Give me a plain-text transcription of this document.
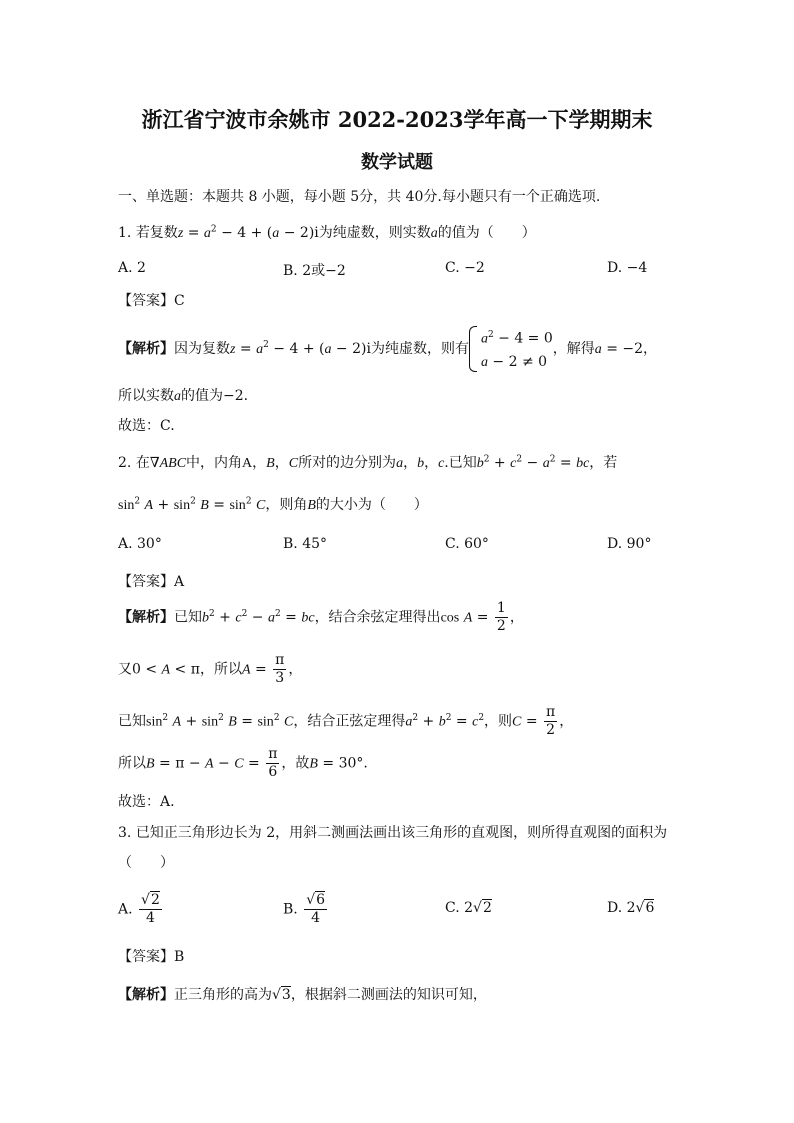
浙江省宁波市余姚市 2022-2023学年高一下学期期末
数学试题
一、单选题：本题共 8 小题，每小题 5分，共 40分.每小题只有一个正确选项.
1. 若复数$z = a^2 - 4 + (a - 2)i$为纯虚数，则实数a的值为（　　）
A. 2	B. 2或−2	C. −2	D. −4
【答案】C
【解析】因为复数$z = a^2 - 4 + (a - 2)i$为纯虚数，则有$a^2 - 4 = 0$
a − 2 ≠ 0，解得a = −2，
所以实数a的值为−2.
故选：C.
2. 在∇ABC中，内角A，B，C所对的边分别为a，b，c.已知$b^2 + c^2 - a^2$ = bc，若
$\sin^2 A + \sin^2 B = \sin^2 C$，则角B的大小为（　　）
A. 30°	B. 45°	C. 60°	D. 90°
【答案】A
【解析】已知$b^2 + c^2 - a^2$ = bc，结合余弦定理得出$\cos A = \frac{1}{2}$ ，
又0 < A < π，所以$A = \frac{\pi}{3}$ ，
已知$\sin^2 A + \sin^2 B = \sin^2 C$，结合正弦定理得$a^2 + b^2 = c^2$，则$C = \frac{\pi}{2}$ ，
所以$B = \pi - A - C = \frac{\pi}{6}$ ，故B = 30°.
故选：A.
3. 已知正三角形边长为 2，用斜二测画法画出该三角形的直观图，则所得直观图的面积为
（　　）
A. $\frac{√2}{4}$	B. $\frac{√6}{4}$	C. 2√2	D. 2√6
【答案】B
【解析】正三角形的高为√3，根据斜二测画法的知识可知，
